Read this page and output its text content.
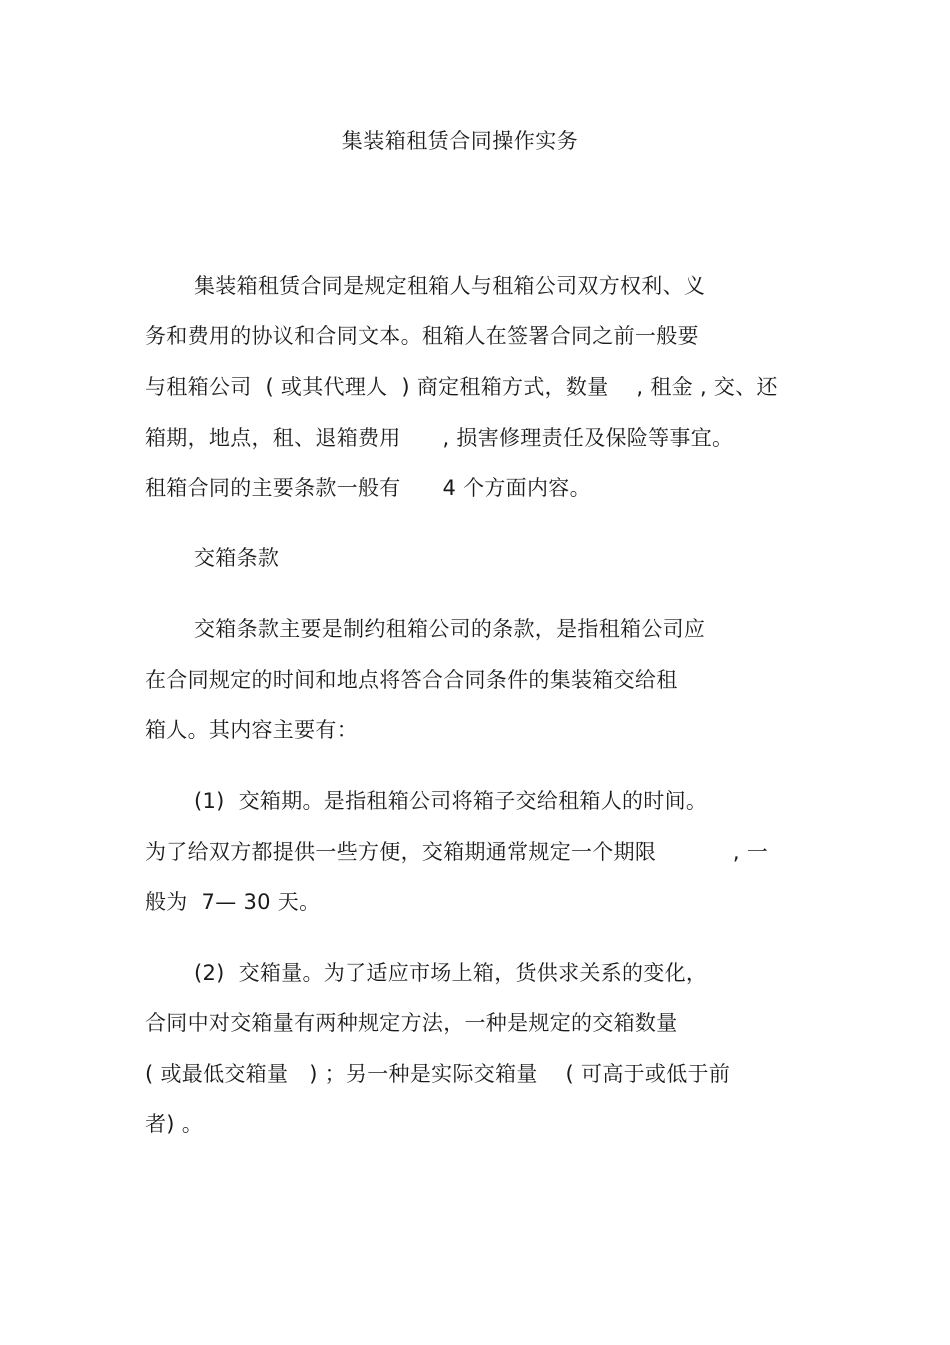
集装箱租赁合同操作实务
集装箱租赁合同是规定租箱人与租箱公司双方权利、义
务和费用的协议和合同文本。租箱人在签署合同之前一般要
与租箱公司  ( 或其代理人  ) 商定租箱方式，数量    , 租金 , 交、还
箱期，地点，租、退箱费用      , 损害修理责任及保险等事宜。
租箱合同的主要条款一般有      4 个方面内容。
交箱条款
交箱条款主要是制约租箱公司的条款，是指租箱公司应
在合同规定的时间和地点将答合合同条件的集装箱交给租
箱人。其内容主要有：
(1)  交箱期。是指租箱公司将箱子交给租箱人的时间。
为了给双方都提供一些方便，交箱期通常规定一个期限           , 一
般为  7— 30 天。
(2)  交箱量。为了适应市场上箱，货供求关系的变化，
合同中对交箱量有两种规定方法，一种是规定的交箱数量
( 或最低交箱量   ) ；另一种是实际交箱量    ( 可高于或低于前
者) 。
